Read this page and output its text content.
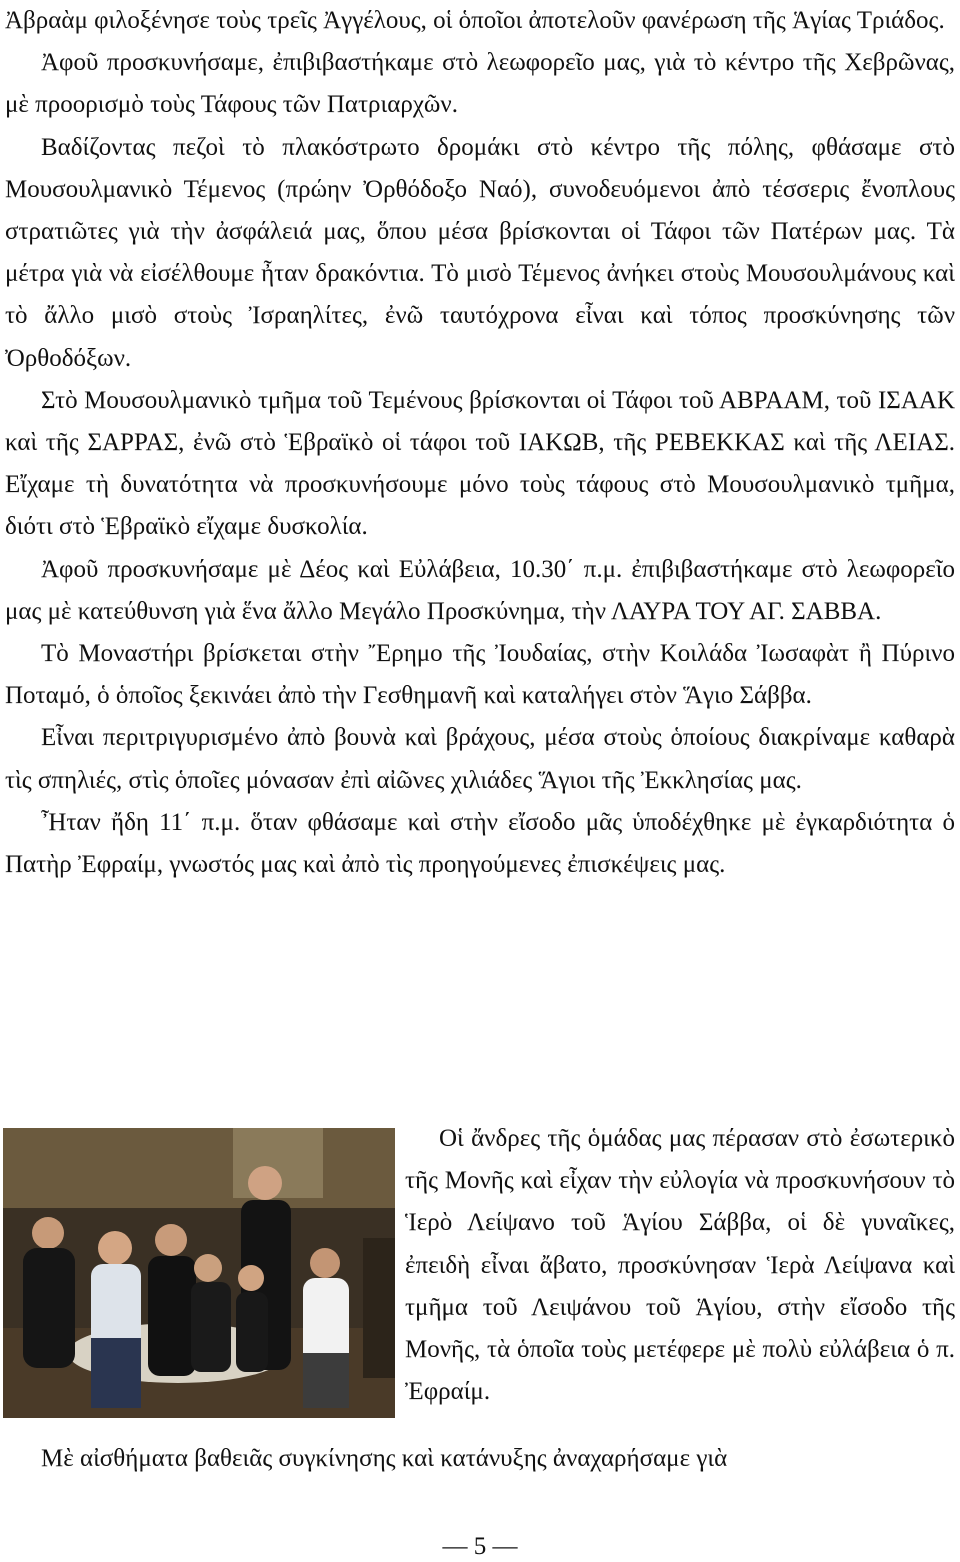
Ἀβραὰμ φιλοξένησε τοὺς τρεῖς Ἀγγέλους, οἱ ὁποῖοι ἀποτελοῦν φανέρωση τῆς Ἁγίας Τριάδος.

Ἀφοῦ προσκυνήσαμε, ἐπιβιβαστήκαμε στὸ λεωφορεῖο μας, γιὰ τὸ κέντρο τῆς Χεβρῶνας, μὲ προορισμὸ τοὺς Τάφους τῶν Πατριαρχῶν.

Βαδίζοντας πεζοὶ τὸ πλακόστρωτο δρομάκι στὸ κέντρο τῆς πόλης, φθάσαμε στὸ Μουσουλμανικὸ Τέμενος (πρώην Ὀρθόδοξο Ναό), συνοδευόμενοι ἀπὸ τέσσερις ἔνοπλους στρατιῶτες γιὰ τὴν ἀσφάλειά μας, ὅπου μέσα βρίσκονται οἱ Τάφοι τῶν Πατέρων μας. Τὰ μέτρα γιὰ νὰ εἰσέλθουμε ἦταν δρακόντια. Τὸ μισὸ Τέμενος ἀνήκει στοὺς Μουσουλμάνους καὶ τὸ ἄλλο μισὸ στοὺς Ἰσραηλίτες, ἐνῶ ταυτόχρονα εἶναι καὶ τόπος προσκύνησης τῶν Ὀρθοδόξων.

Στὸ Μουσουλμανικὸ τμῆμα τοῦ Τεμένους βρίσκονται οἱ Τάφοι τοῦ ΑΒΡΑΑΜ, τοῦ ΙΣΑΑΚ καὶ τῆς ΣΑΡΡΑΣ, ἐνῶ στὸ Ἑβραϊκὸ οἱ τάφοι τοῦ ΙΑΚΩΒ, τῆς ΡΕΒΕΚΚΑΣ καὶ τῆς ΛΕΙΑΣ. Εἴχαμε τὴ δυνατότητα νὰ προσκυνήσουμε μόνο τοὺς τάφους στὸ Μουσουλμανικὸ τμῆμα, διότι στὸ Ἑβραϊκὸ εἴχαμε δυσκολία.

Ἀφοῦ προσκυνήσαμε μὲ Δέος καὶ Εὐλάβεια, 10.30΄ π.μ. ἐπιβιβαστήκαμε στὸ λεωφορεῖο μας μὲ κατεύθυνση γιὰ ἕνα ἄλλο Μεγάλο Προσκύνημα, τὴν ΛΑΥΡΑ ΤΟΥ ΑΓ. ΣΑΒΒΑ.

Τὸ Μοναστήρι βρίσκεται στὴν Ἔρημο τῆς Ἰουδαίας, στὴν Κοιλάδα Ἰωσαφὰτ ἢ Πύρινο Ποταμό, ὁ ὁποῖος ξεκινάει ἀπὸ τὴν Γεσθημανῆ καὶ καταλήγει στὸν Ἅγιο Σάββα.

Εἶναι περιτριγυρισμένο ἀπὸ βουνὰ καὶ βράχους, μέσα στοὺς ὁποίους διακρίναμε καθαρὰ τὶς σπηλιές, στὶς ὁποῖες μόνασαν ἐπὶ αἰῶνες χιλιάδες Ἅγιοι τῆς Ἐκκλησίας μας.

Ἦταν ἤδη 11΄ π.μ. ὅταν φθάσαμε καὶ στὴν εἴσοδο μᾶς ὑποδέχθηκε μὲ ἐγκαρδιότητα ὁ Πατὴρ Ἐφραίμ, γνωστός μας καὶ ἀπὸ τὶς προηγούμενες ἐπισκέψεις μας.

Οἱ ἄνδρες τῆς ὁμάδας μας πέρασαν στὸ ἐσωτερικὸ τῆς Μονῆς καὶ εἶχαν τὴν εὐλογία νὰ προσκυνήσουν τὸ Ἱερὸ Λείψανο τοῦ Ἁγίου Σάββα, οἱ δὲ γυναῖκες, ἐπειδὴ εἶναι ἄβατο, προσκύνησαν Ἱερὰ Λείψανα καὶ τμῆμα τοῦ Λειψάνου τοῦ Ἁγίου, στὴν εἴσοδο τῆς Μονῆς, τὰ ὁποῖα τοὺς μετέφερε μὲ πολὺ εὐλάβεια ὁ π. Ἐφραίμ.

Μὲ αἰσθήματα βαθειᾶς συγκίνησης καὶ κατάνυξης ἀναχαρήσαμε γιὰ

— 5 —
